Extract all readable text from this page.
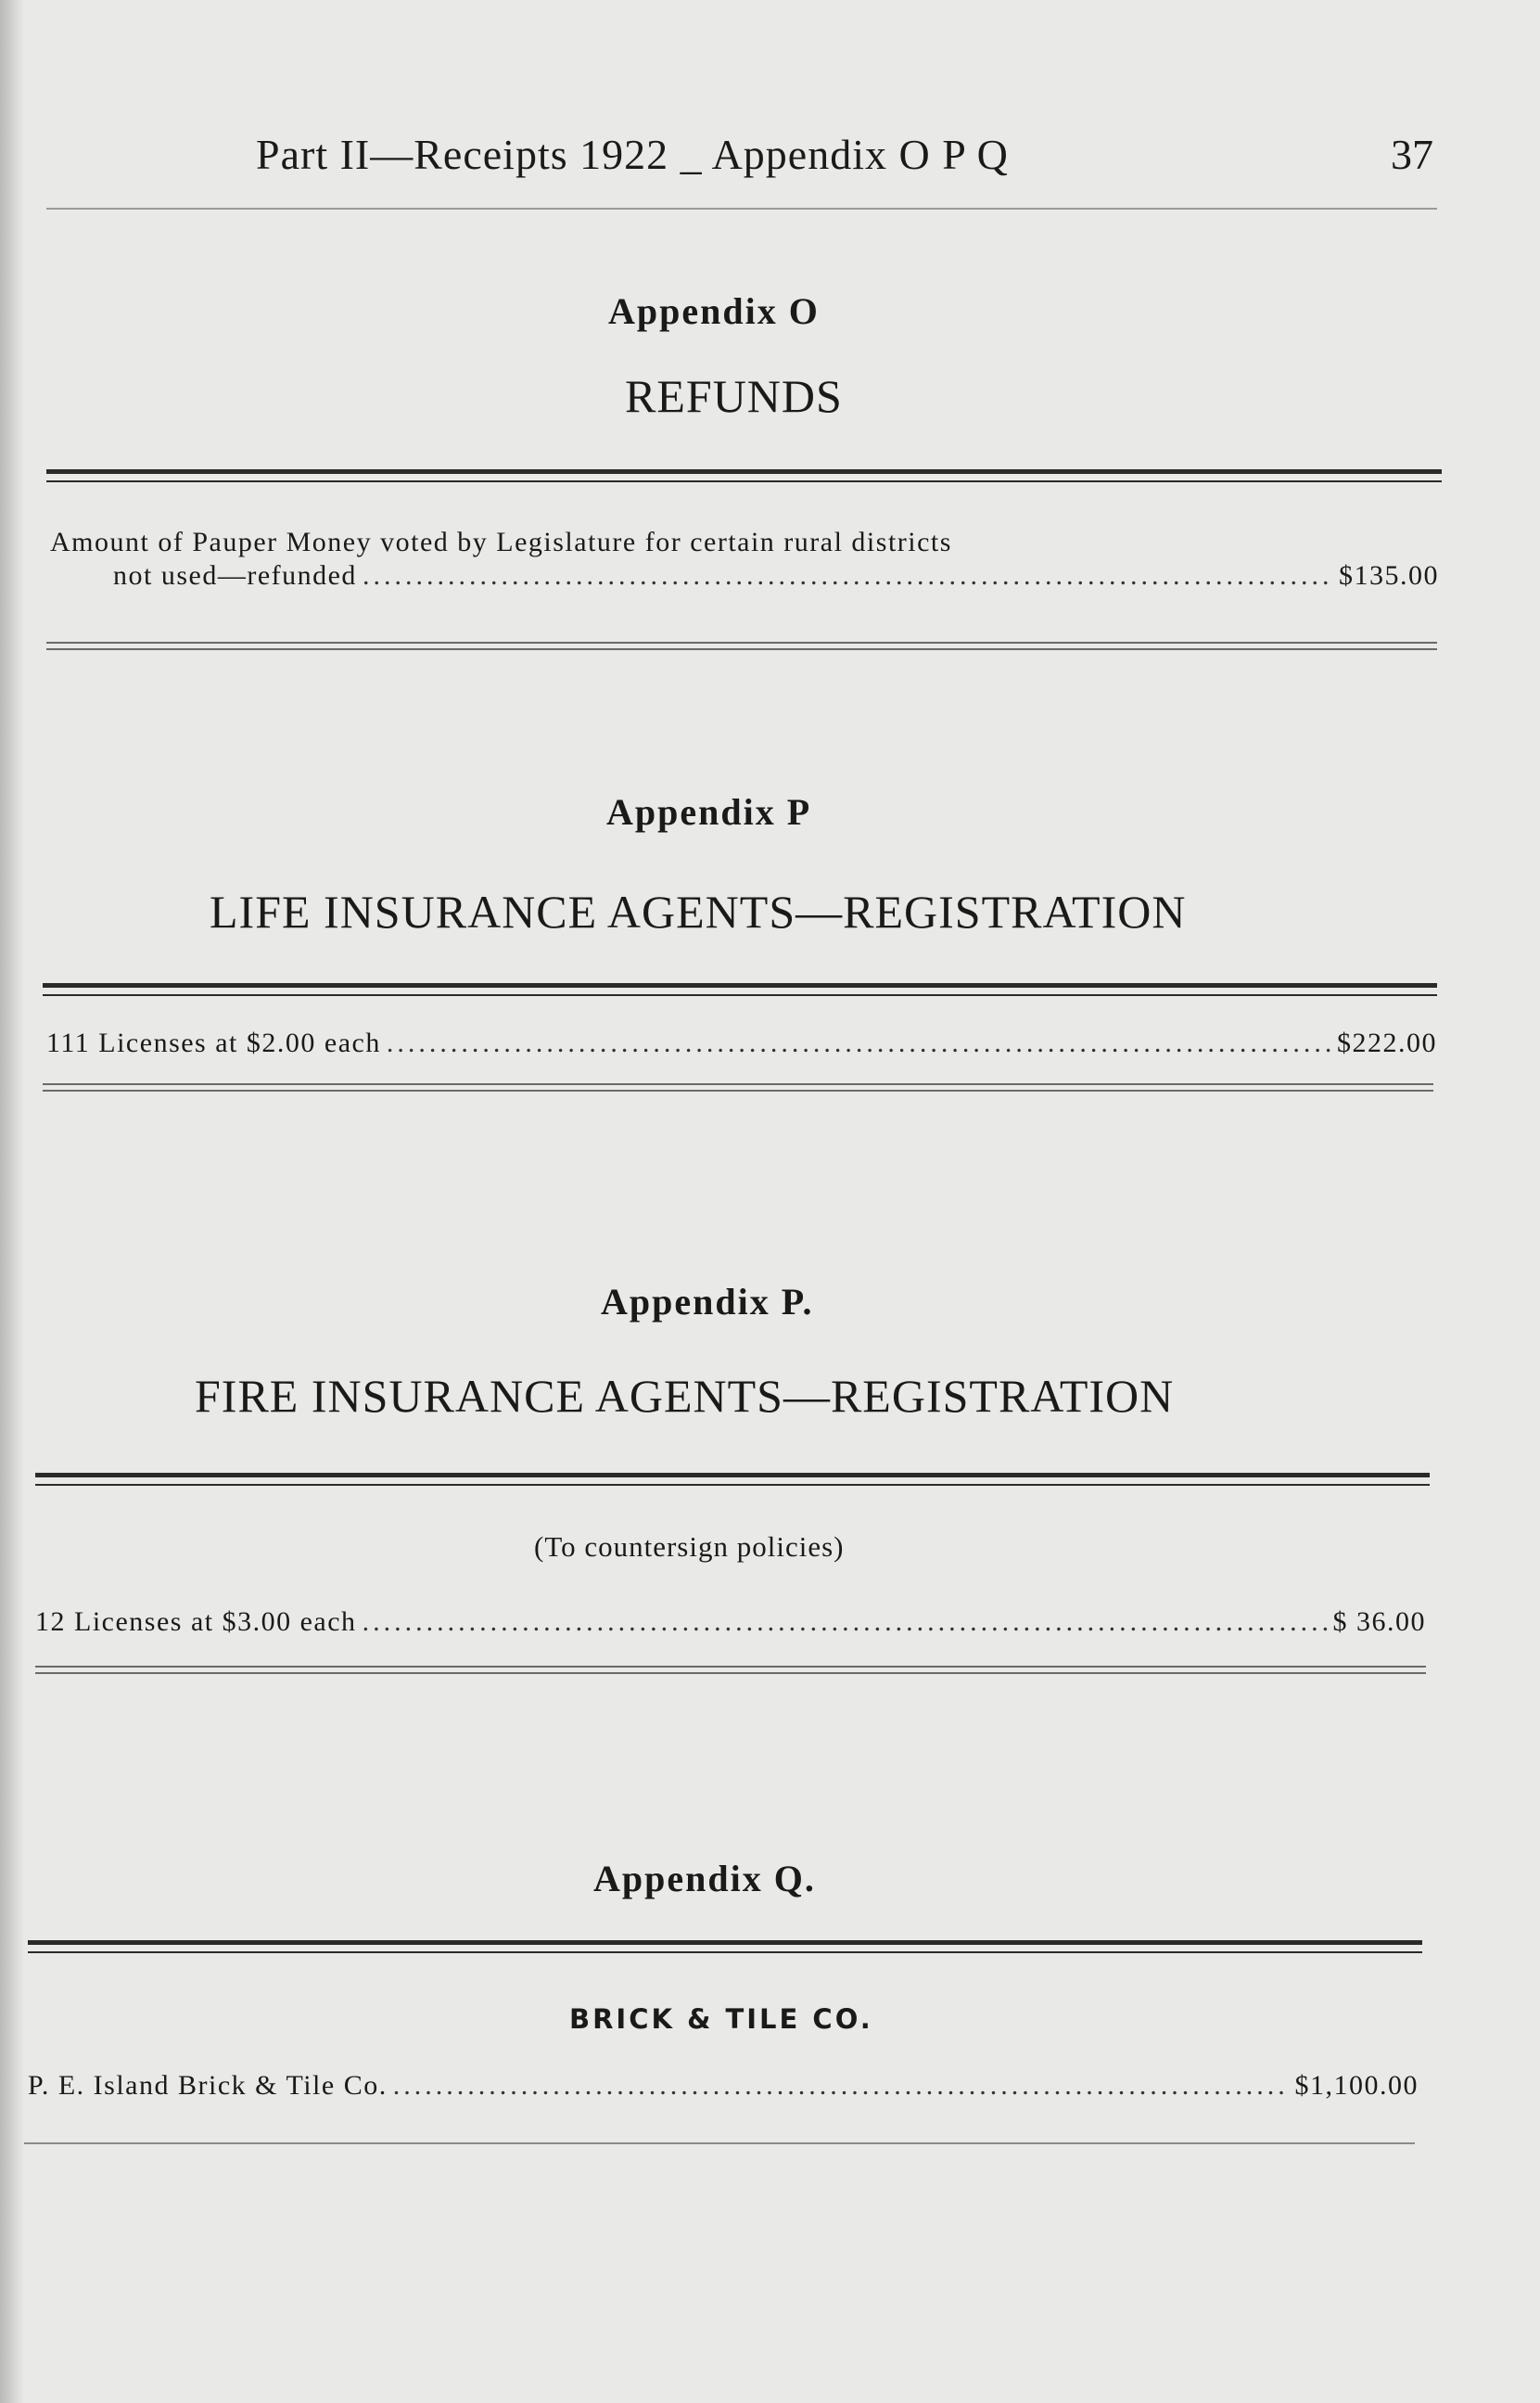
Part II—Receipts 1922 _ Appendix O P Q	37
Appendix O
REFUNDS
Amount of Pauper Money voted by Legislature for certain rural districts
not used—refunded .....	$135.00
Appendix P
LIFE INSURANCE AGENTS—REGISTRATION
111 Licenses at $2.00 each .....	$222.00
Appendix P.
FIRE INSURANCE AGENTS—REGISTRATION
(To countersign policies)
12 Licenses at $3.00 each .....	$ 36.00
Appendix Q.
BRICK & TILE CO.
P. E. Island Brick & Tile Co. .....	$1,100.00
